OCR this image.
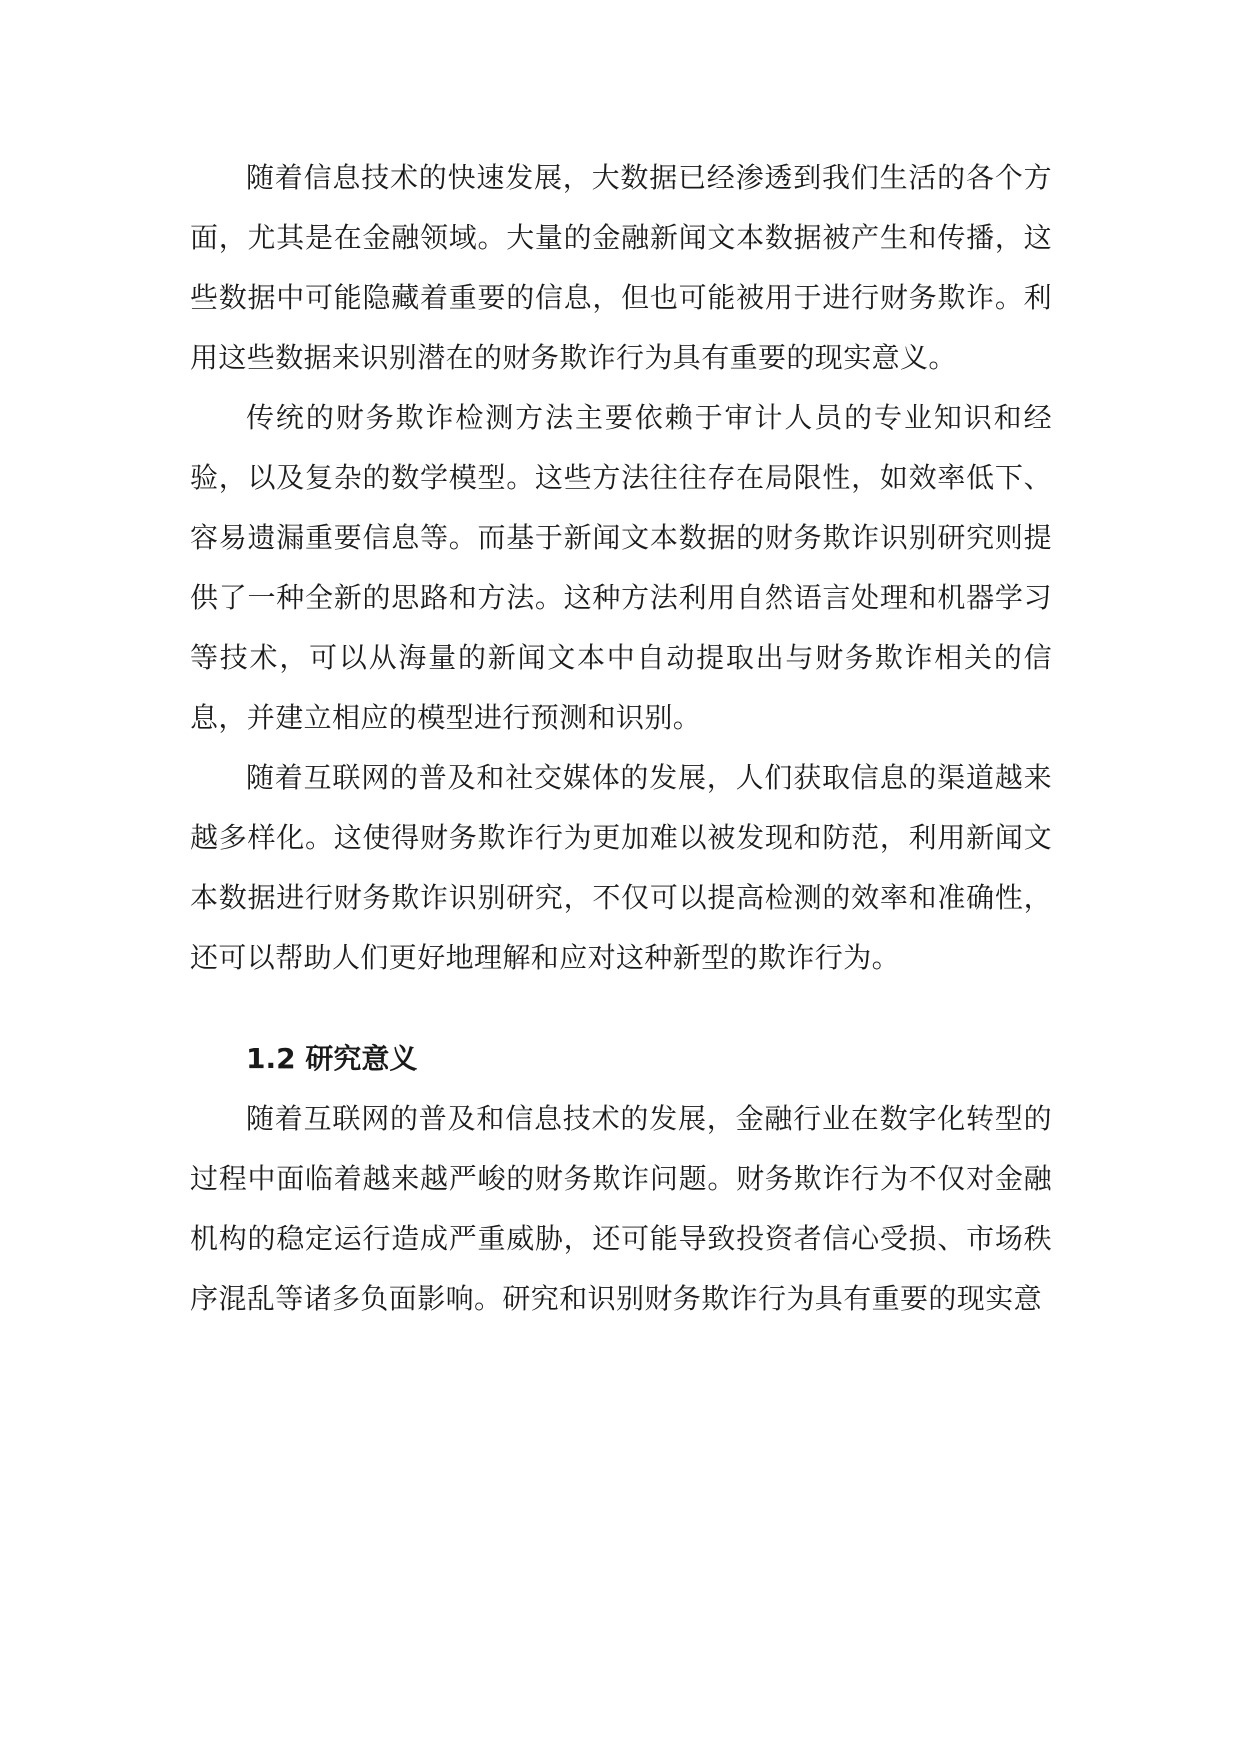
随着信息技术的快速发展，大数据已经渗透到我们生活的各个方面，尤其是在金融领域。大量的金融新闻文本数据被产生和传播，这些数据中可能隐藏着重要的信息，但也可能被用于进行财务欺诈。利用这些数据来识别潜在的财务欺诈行为具有重要的现实意义。

传统的财务欺诈检测方法主要依赖于审计人员的专业知识和经验，以及复杂的数学模型。这些方法往往存在局限性，如效率低下、容易遗漏重要信息等。而基于新闻文本数据的财务欺诈识别研究则提供了一种全新的思路和方法。这种方法利用自然语言处理和机器学习等技术，可以从海量的新闻文本中自动提取出与财务欺诈相关的信息，并建立相应的模型进行预测和识别。

随着互联网的普及和社交媒体的发展，人们获取信息的渠道越来越多样化。这使得财务欺诈行为更加难以被发现和防范，利用新闻文本数据进行财务欺诈识别研究，不仅可以提高检测的效率和准确性，还可以帮助人们更好地理解和应对这种新型的欺诈行为。

1.2 研究意义

随着互联网的普及和信息技术的发展，金融行业在数字化转型的过程中面临着越来越严峻的财务欺诈问题。财务欺诈行为不仅对金融机构的稳定运行造成严重威胁，还可能导致投资者信心受损、市场秩序混乱等诸多负面影响。研究和识别财务欺诈行为具有重要的现实意
